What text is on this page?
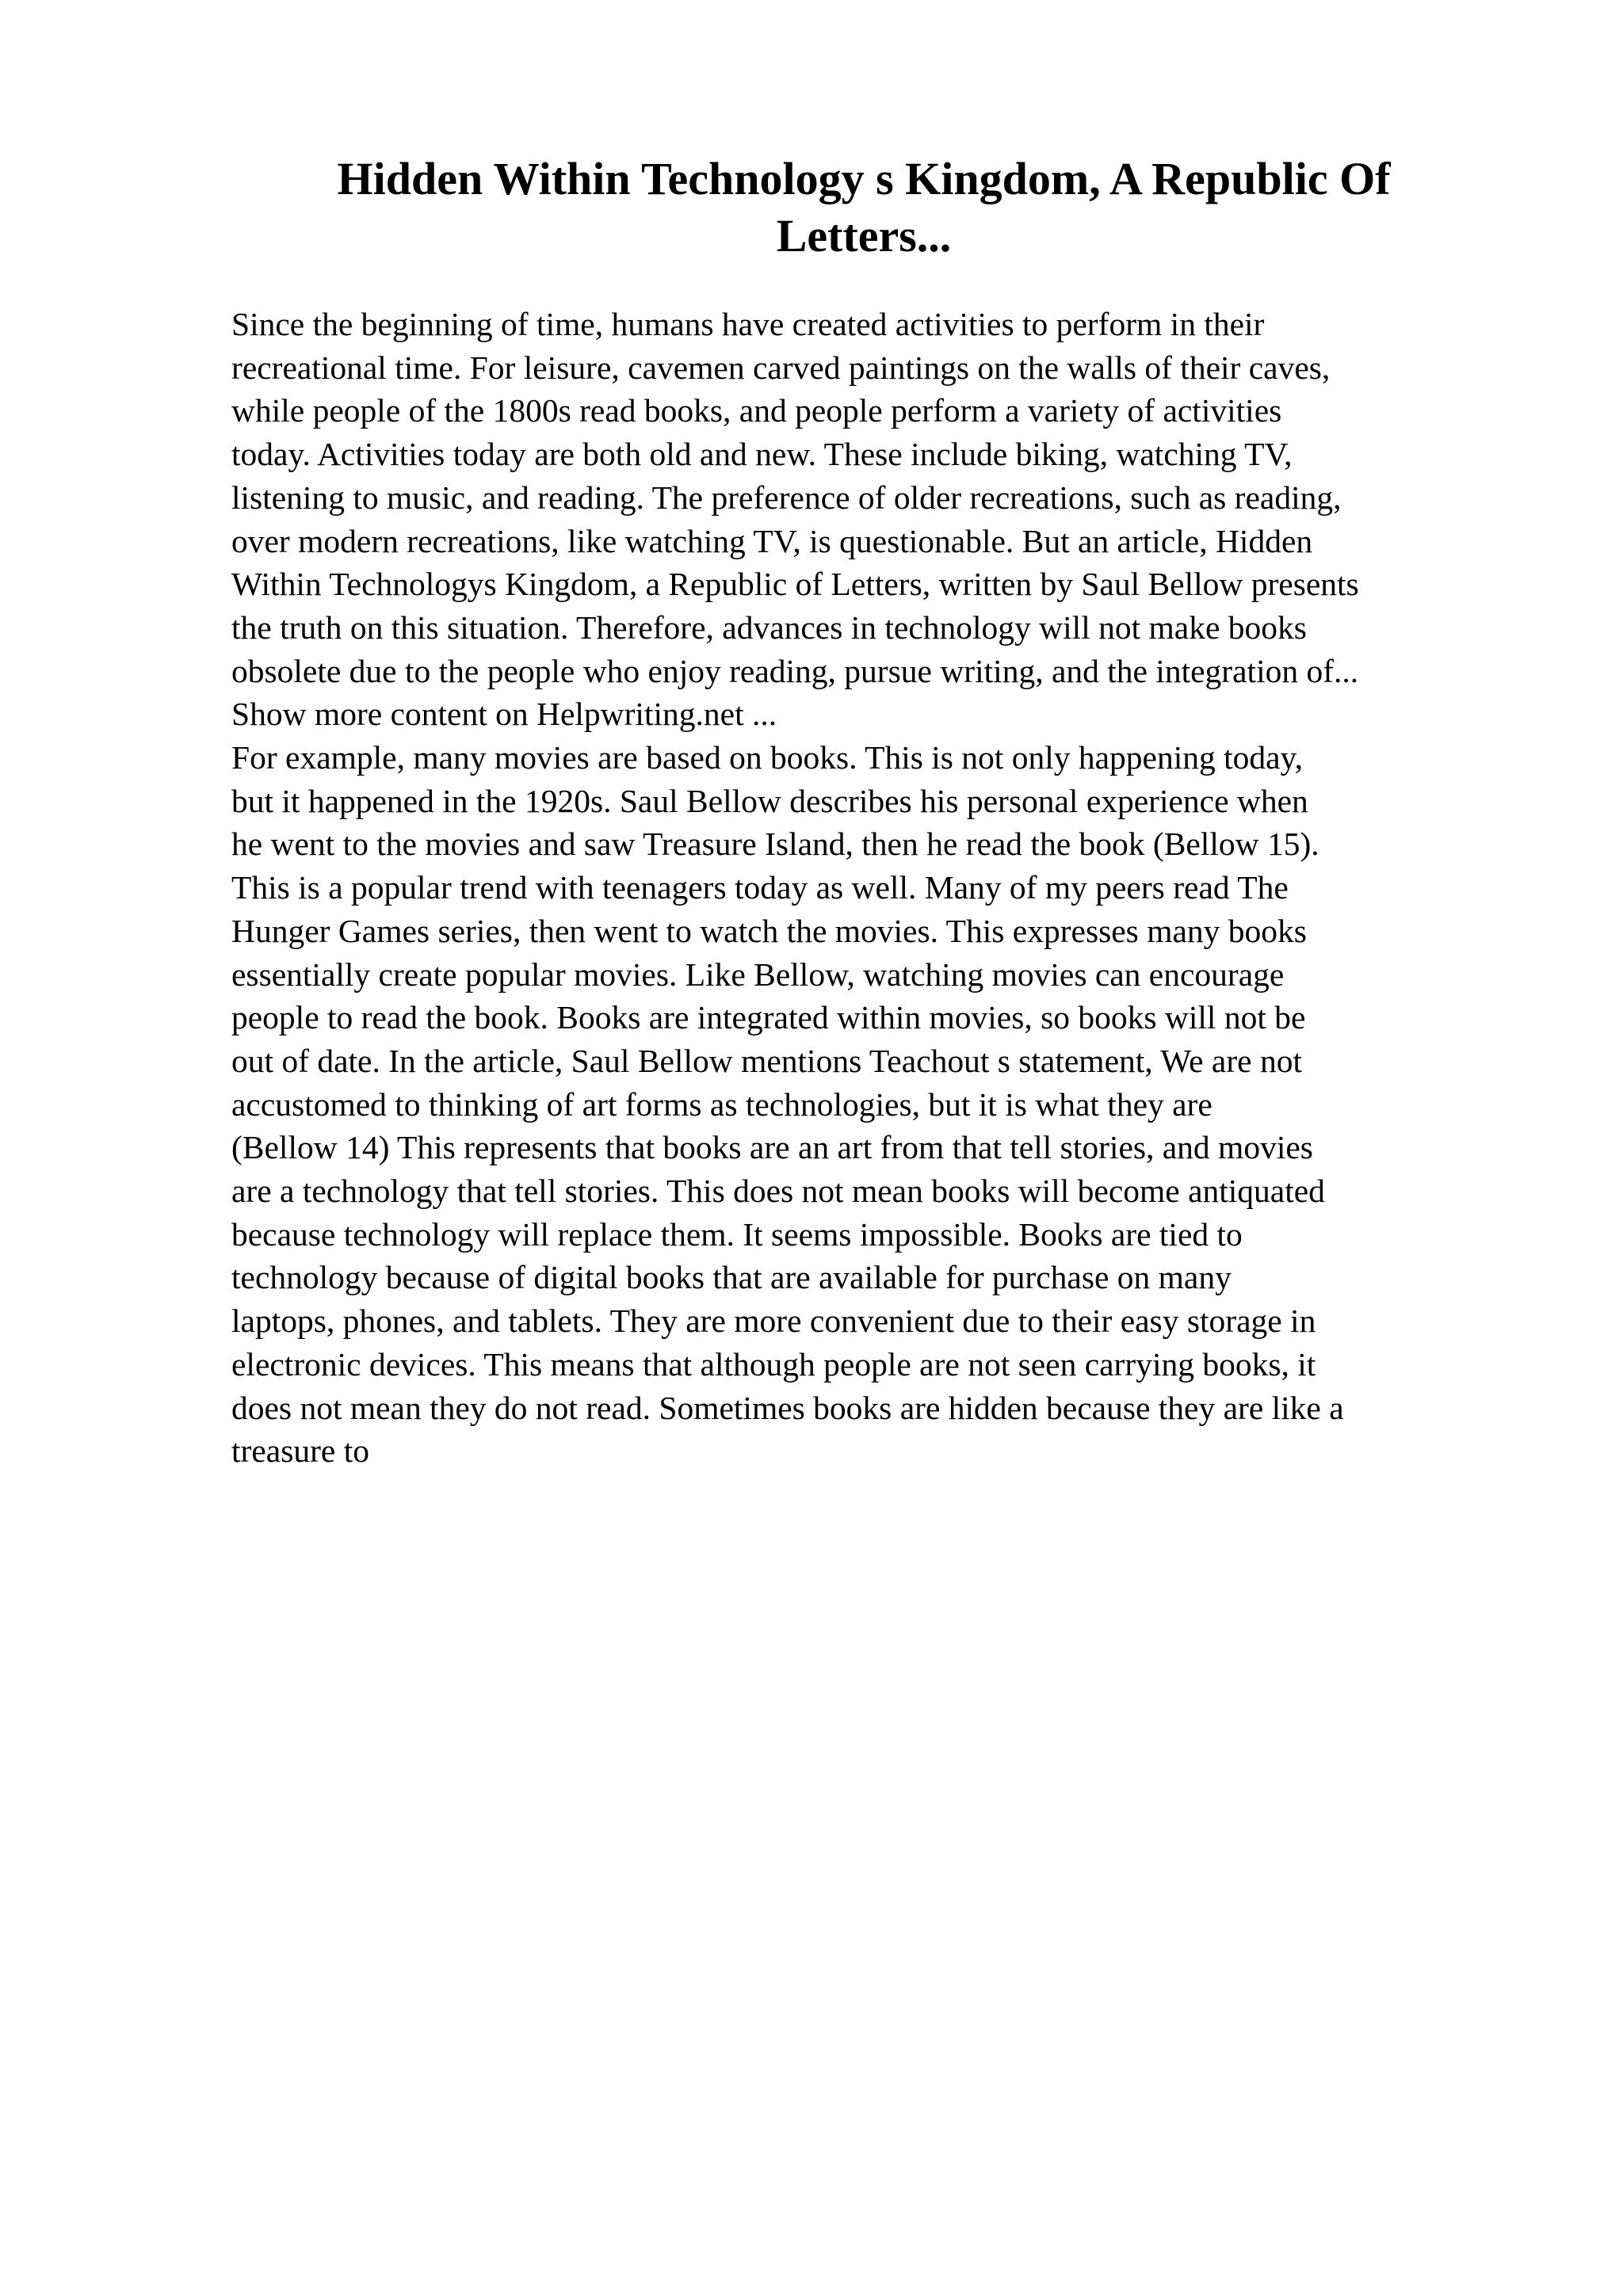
Hidden Within Technology s Kingdom, A Republic Of
Letters...
Since the beginning of time, humans have created activities to perform in their
recreational time. For leisure, cavemen carved paintings on the walls of their caves,
while people of the 1800s read books, and people perform a variety of activities
today. Activities today are both old and new. These include biking, watching TV,
listening to music, and reading. The preference of older recreations, such as reading,
over modern recreations, like watching TV, is questionable. But an article, Hidden
Within Technologys Kingdom, a Republic of Letters, written by Saul Bellow presents
the truth on this situation. Therefore, advances in technology will not make books
obsolete due to the people who enjoy reading, pursue writing, and the integration of...
Show more content on Helpwriting.net ...
For example, many movies are based on books. This is not only happening today,
but it happened in the 1920s. Saul Bellow describes his personal experience when
he went to the movies and saw Treasure Island, then he read the book (Bellow 15).
This is a popular trend with teenagers today as well. Many of my peers read The
Hunger Games series, then went to watch the movies. This expresses many books
essentially create popular movies. Like Bellow, watching movies can encourage
people to read the book. Books are integrated within movies, so books will not be
out of date. In the article, Saul Bellow mentions Teachout s statement, We are not
accustomed to thinking of art forms as technologies, but it is what they are
(Bellow 14) This represents that books are an art from that tell stories, and movies
are a technology that tell stories. This does not mean books will become antiquated
because technology will replace them. It seems impossible. Books are tied to
technology because of digital books that are available for purchase on many
laptops, phones, and tablets. They are more convenient due to their easy storage in
electronic devices. This means that although people are not seen carrying books, it
does not mean they do not read. Sometimes books are hidden because they are like a
treasure to
